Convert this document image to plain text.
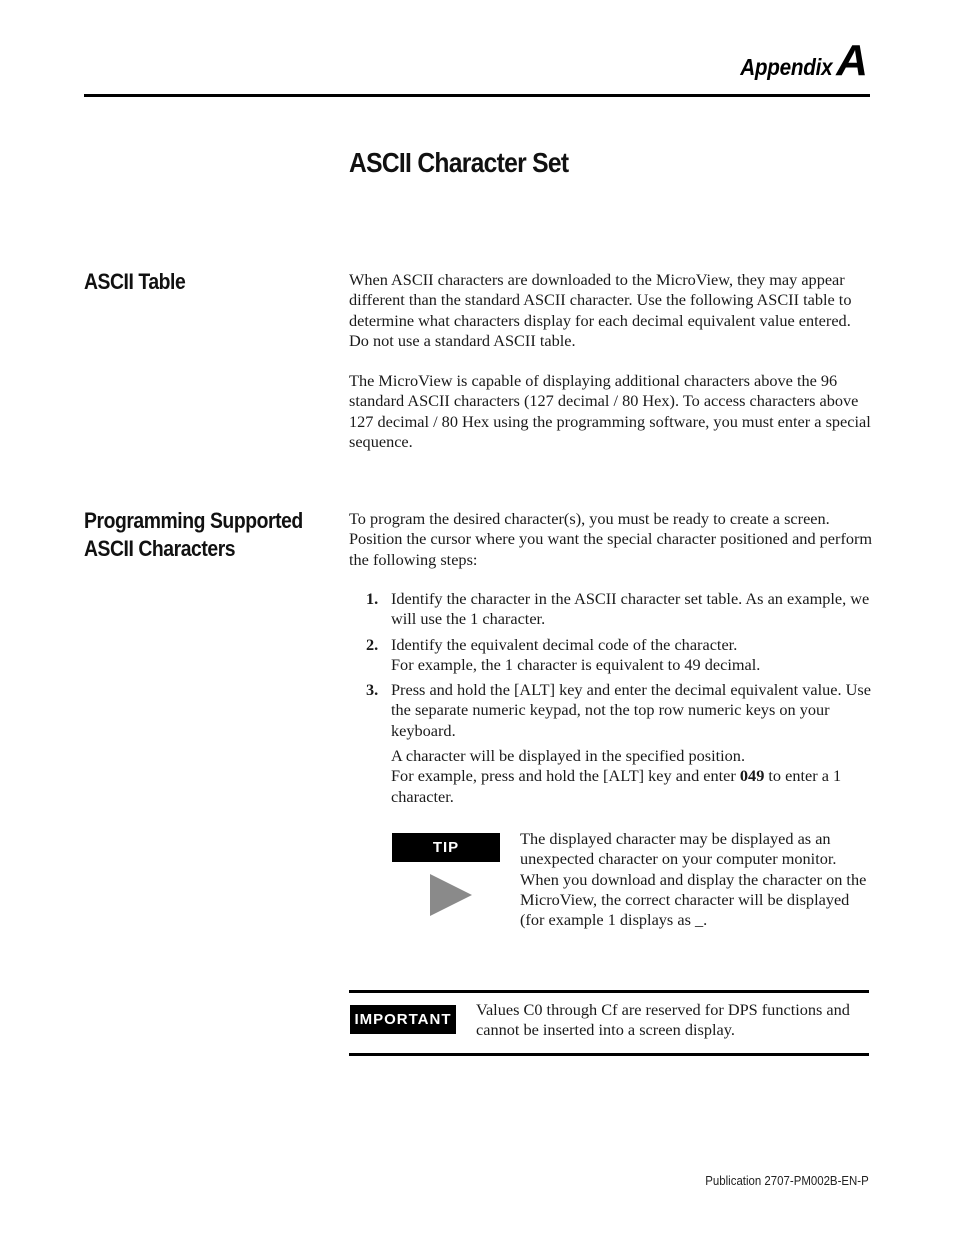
AppendixA
ASCII Character Set
ASCII Table	When ASCII characters are downloaded to the MicroView, they may appear different than the standard ASCII character. Use the following ASCII table to determine what characters display for each decimal equivalent value entered. Do not use a standard ASCII table.

The MicroView is capable of displaying additional characters above the 96 standard ASCII characters (127 decimal / 80 Hex). To access characters above 127 decimal / 80 Hex using the programming software, you must enter a special sequence.

Programming Supported
ASCII Characters

To program the desired character(s), you must be ready to create a screen. Position the cursor where you want the special character positioned and perform the following steps:

1. Identify the character in the ASCII character set table. As an example, we will use the 1 character.

2. Identify the equivalent decimal code of the character.

For example, the 1 character is equivalent to 49 decimal.

3. Press and hold the [ALT] key and enter the decimal equivalent value. Use the separate numeric keypad, not the top row numeric keys on your keyboard.

A character will be displayed in the specified position.

For example, press and hold the [ALT] key and enter 049 to enter a 1 character.

TIP	The displayed character may be displayed as an unexpected character on your computer monitor. When you download and display the character on the MicroView, the correct character will be displayed (for example 1 displays as _.

IMPORTANT

Values C0 through Cf are reserved for DPS functions and cannot be inserted into a screen display.

Publication 2707-PM002B-EN-P
